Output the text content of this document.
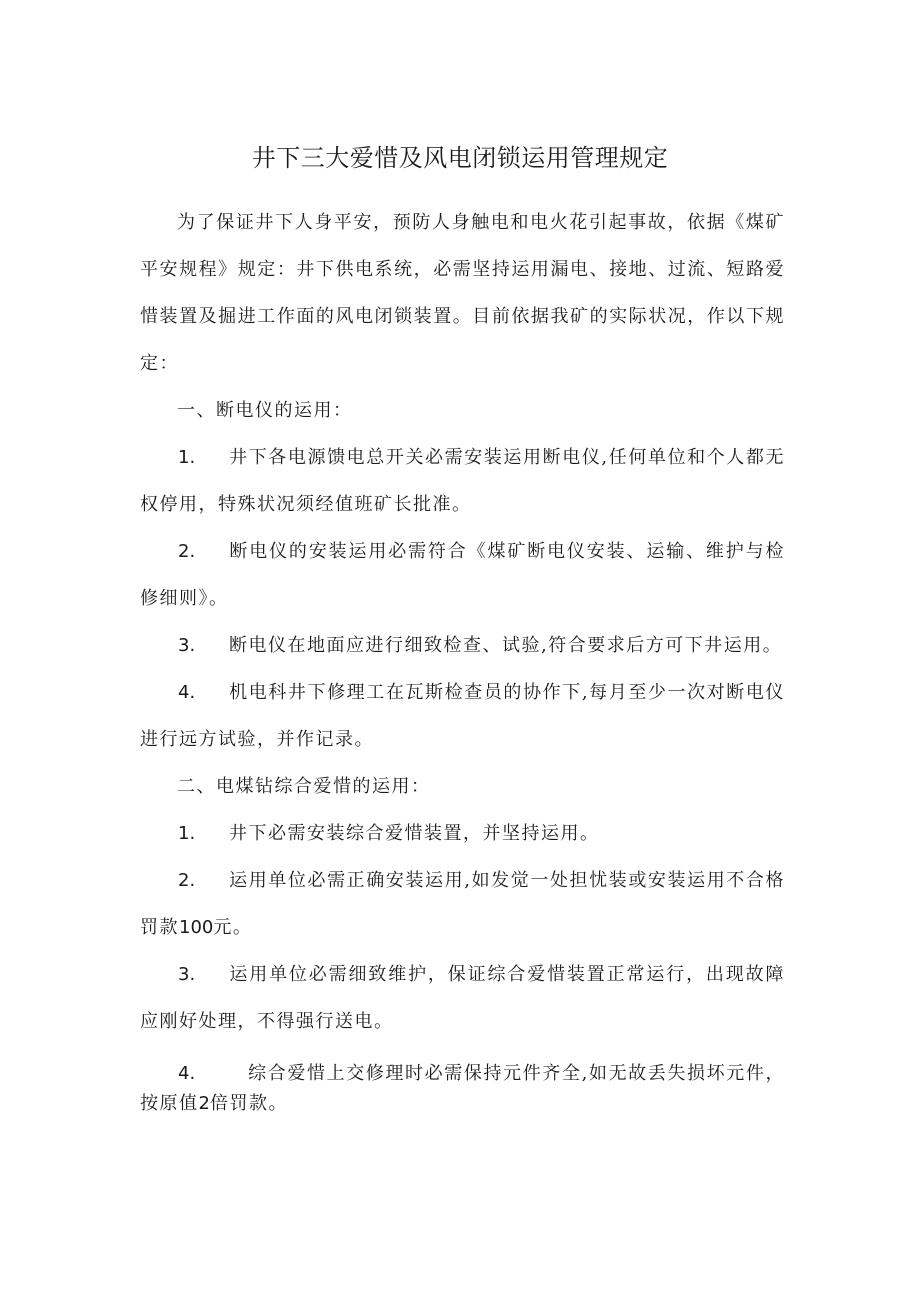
井下三大爱惜及风电闭锁运用管理规定

为了保证井下人身平安，预防人身触电和电火花引起事故，依据《煤矿平安规程》规定：井下供电系统，必需坚持运用漏电、接地、过流、短路爱惜装置及掘进工作面的风电闭锁装置。目前依据我矿的实际状况，作以下规定：

一、断电仪的运用：

1. 井下各电源馈电总开关必需安装运用断电仪,任何单位和个人都无权停用，特殊状况须经值班矿长批准。

2. 断电仪的安装运用必需符合《煤矿断电仪安装、运输、维护与检修细则》。

3. 断电仪在地面应进行细致检查、试验,符合要求后方可下井运用。

4. 机电科井下修理工在瓦斯检查员的协作下,每月至少一次对断电仪进行远方试验，并作记录。

二、电煤钻综合爱惜的运用：

1. 井下必需安装综合爱惜装置，并坚持运用。

2. 运用单位必需正确安装运用,如发觉一处担忧装或安装运用不合格罚款100元。

3. 运用单位必需细致维护，保证综合爱惜装置正常运行，出现故障应刚好处理，不得强行送电。

4.	综合爱惜上交修理时必需保持元件齐全,如无故丢失损坏元件，按原值2倍罚款。
